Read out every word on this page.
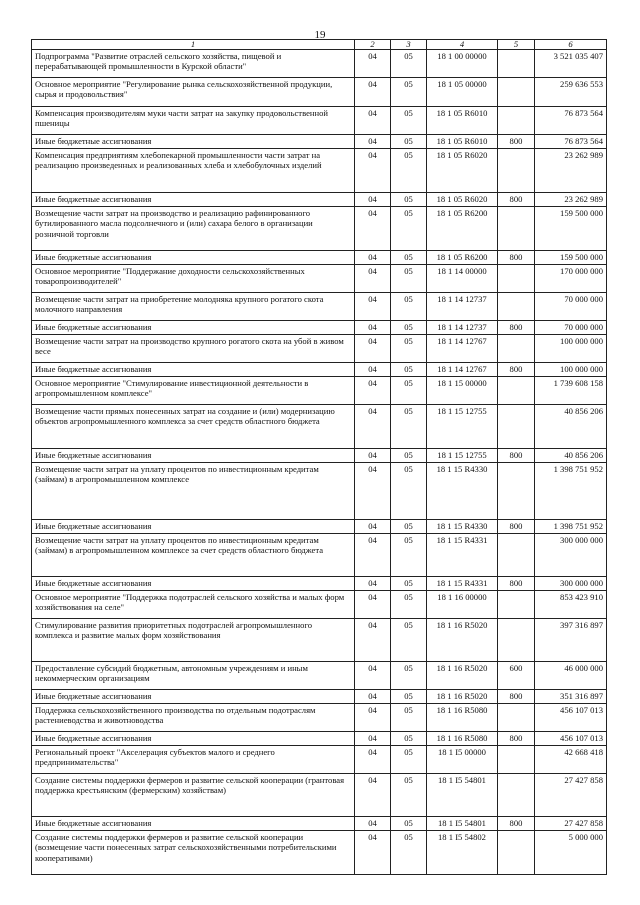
19
1	2	3	4	5	6
Подпрограмма "Развитие отраслей сельского хозяйства, пищевой и перерабатывающей промышленности в Курской области"	04	05	18 1 00 00000		3 521 035 407
Основное мероприятие "Регулирование рынка сельскохозяйственной продукции, сырья и продовольствия"	04	05	18 1 05 00000		259 636 553
Компенсация производителям муки части затрат на закупку продовольственной пшеницы	04	05	18 1 05 R6010		76 873 564
Иные бюджетные ассигнования	04	05	18 1 05 R6010	800	76 873 564
Компенсация предприятиям хлебопекарной промышленности части затрат на реализацию произведенных и реализованных хлеба и хлебобулочных изделий	04	05	18 1 05 R6020		23 262 989
Иные бюджетные ассигнования	04	05	18 1 05 R6020	800	23 262 989
Возмещение части затрат на производство и реализацию рафинированного бутилированного масла подсолнечного и (или) сахара белого в организации розничной торговли	04	05	18 1 05 R6200		159 500 000
Иные бюджетные ассигнования	04	05	18 1 05 R6200	800	159 500 000
Основное мероприятие "Поддержание доходности сельскохозяйственных товаропроизводителей"	04	05	18 1 14 00000		170 000 000
Возмещение части затрат на приобретение молодняка крупного рогатого скота молочного направления	04	05	18 1 14 12737		70 000 000
Иные бюджетные ассигнования	04	05	18 1 14 12737	800	70 000 000
Возмещение части затрат на производство крупного рогатого скота на убой в живом весе	04	05	18 1 14 12767		100 000 000
Иные бюджетные ассигнования	04	05	18 1 14 12767	800	100 000 000
Основное мероприятие "Стимулирование инвестиционной деятельности в агропромышленном комплексе"	04	05	18 1 15 00000		1 739 608 158
Возмещение части прямых понесенных затрат на создание и (или) модернизацию объектов агропромышленного комплекса за счет средств областного бюджета	04	05	18 1 15 12755		40 856 206
Иные бюджетные ассигнования	04	05	18 1 15 12755	800	40 856 206
Возмещение части затрат на уплату процентов по инвестиционным кредитам (займам) в агропромышленном комплексе	04	05	18 1 15 R4330		1 398 751 952
Иные бюджетные ассигнования	04	05	18 1 15 R4330	800	1 398 751 952
Возмещение части затрат на уплату процентов по инвестиционным кредитам (займам) в агропромышленном комплексе за счет средств областного бюджета	04	05	18 1 15 R4331		300 000 000
Иные бюджетные ассигнования	04	05	18 1 15 R4331	800	300 000 000
Основное мероприятие "Поддержка подотраслей сельского хозяйства и малых форм хозяйствования на селе"	04	05	18 1 16 00000		853 423 910
Стимулирование развития приоритетных подотраслей агропромышленного комплекса и развитие малых форм хозяйствования	04	05	18 1 16 R5020		397 316 897
Предоставление субсидий бюджетным, автономным учреждениям и иным некоммерческим организациям	04	05	18 1 16 R5020	600	46 000 000
Иные бюджетные ассигнования	04	05	18 1 16 R5020	800	351 316 897
Поддержка сельскохозяйственного производства по отдельным подотраслям растениеводства и животноводства	04	05	18 1 16 R5080		456 107 013
Иные бюджетные ассигнования	04	05	18 1 16 R5080	800	456 107 013
Региональный проект "Акселерация субъектов малого и среднего предпринимательства"	04	05	18 1 I5 00000		42 668 418
Создание системы поддержки фермеров и развитие сельской кооперации (грантовая поддержка крестьянским (фермерским) хозяйствам)	04	05	18 1 I5 54801		27 427 858
Иные бюджетные ассигнования	04	05	18 1 I5 54801	800	27 427 858
Создание системы поддержки фермеров и развитие сельской кооперации (возмещение части понесенных затрат сельскохозяйственными потребительскими кооперативами)	04	05	18 1 I5 54802		5 000 000
